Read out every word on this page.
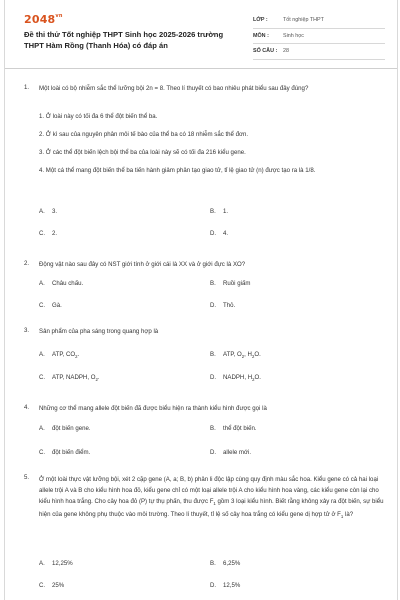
$2048^{vn}$
Đề thi thử Tốt nghiệp THPT Sinh học 2025-2026 trường THPT Hàm Rồng (Thanh Hóa) có đáp án
LỚP :	Tốt nghiệp THPT
MÔN :	Sinh học
SỐ CÂU :	28
1.	Một loài có bộ nhiễm sắc thể lưỡng bội 2n = 8. Theo lí thuyết có bao nhiêu phát biểu sau đây đúng?
1. Ở loài này có tối đa 6 thể đột biến thể ba.
2. Ở kì sau của nguyên phân môi tế bào của thể ba có 18 nhiễm sắc thể đơn.
3. Ở các thể đột biến lệch bội thể ba của loài này sẽ có tối đa 216 kiểu gene.
4. Một cá thể mang đột biến thể ba tiến hành giảm phân tạo giao tử, tỉ lệ giao tử (n) được tạo ra là 1/8.
A. 3.	B. 1.
C. 2.	D. 4.
2.	Động vật nào sau đây có NST giới tính ở giới cái là XX và ở giới đực là XO?
A. Châu chấu.	B. Ruồi giấm
C. Gà.	D. Thỏ.
3.	Sản phẩm của pha sáng trong quang hợp là
A. ATP, $CO_2$.	B. ATP, $O_2$, $H_2O$.
C. ATP, NADPH, $O_2$.	D. NADPH, $H_2O$.
4.	Những cơ thể mang allele đột biến đã được biểu hiện ra thành kiểu hình được gọi là
A. đột biến gene.	B. thể đột biến.
C. đột biến điểm.	D. allele mới.
5.	Ở một loài thực vật lưỡng bội, xét 2 cặp gene (A, a; B, b) phân li độc lập cùng quy định màu sắc hoa. Kiểu gene có cả hai loại allele trội A và B cho kiểu hình hoa đỏ, kiểu gene chỉ có một loại allele trội A cho kiểu hình hoa vàng, các kiểu gene còn lại cho kiểu hình hoa trắng. Cho cây hoa đỏ (P) tự thụ phấn, thu được $F_1$ gồm 3 loại kiểu hình. Biết rằng không xảy ra đột biến, sự biểu hiện của gene không phụ thuộc vào môi trường. Theo lí thuyết, tỉ lệ số cây hoa trắng có kiểu gene dị hợp tử ở $F_1$ là?
A. 12,25%	B. 6,25%
C. 25%	D. 12,5%
